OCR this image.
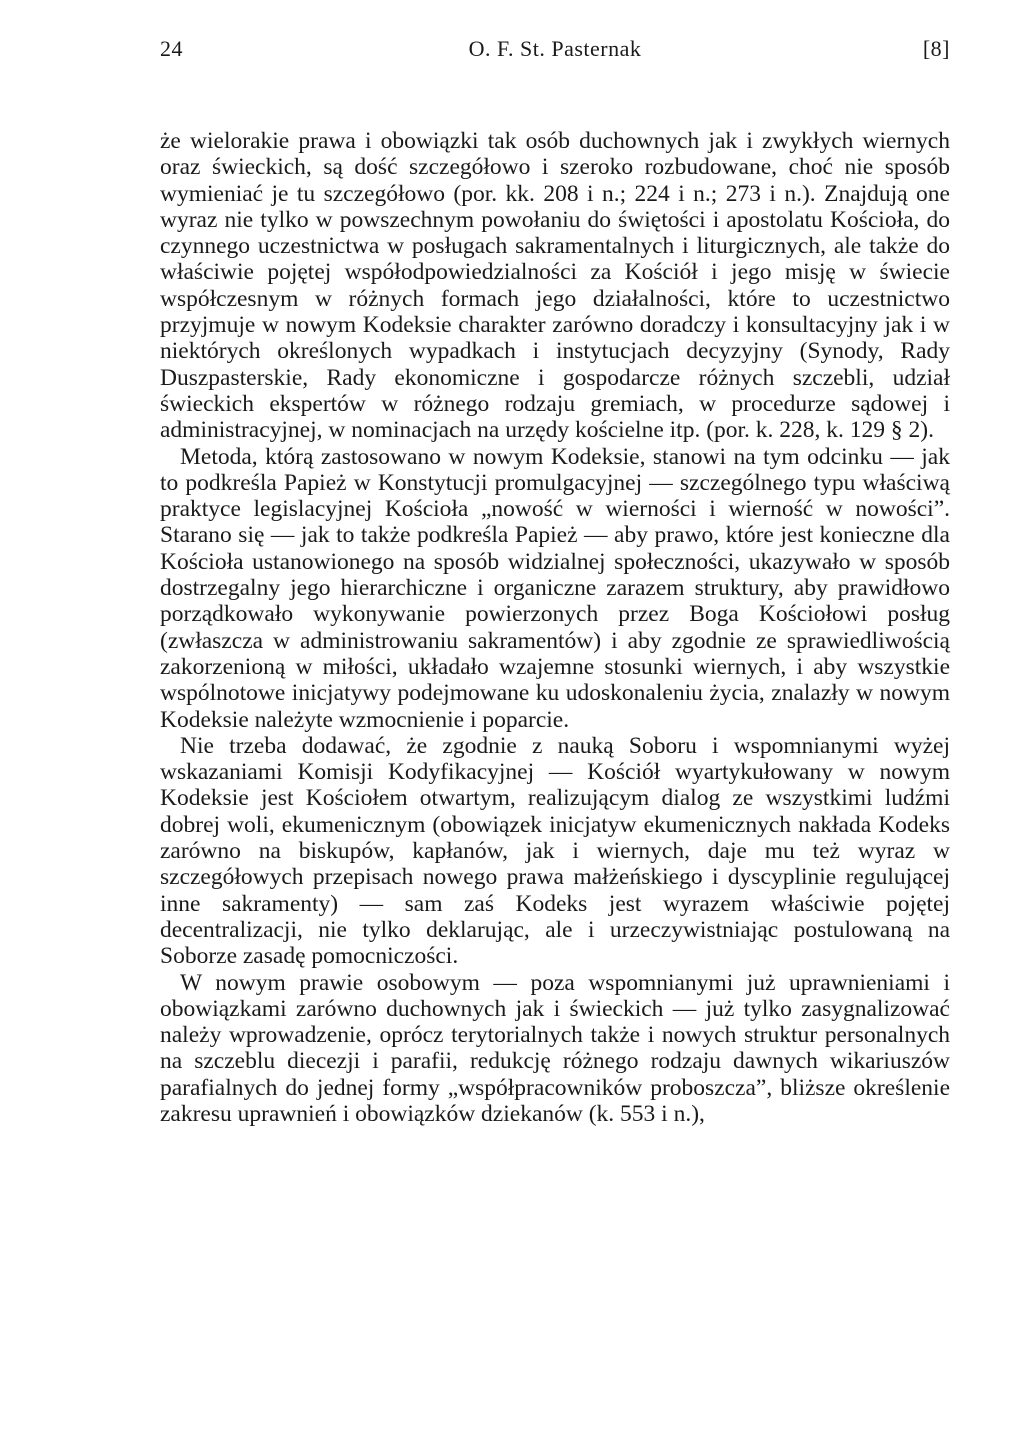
24	O. F. St. Pasternak	[8]

że wielorakie prawa i obowiązki tak osób duchownych jak i zwykłych wiernych oraz świeckich, są dość szczegółowo i szeroko rozbudowane, choć nie sposób wymieniać je tu szczegółowo (por. kk. 208 i n.; 224 i n.; 273 i n.). Znajdują one wyraz nie tylko w powszechnym powołaniu do świętości i apostolatu Kościoła, do czynnego uczestnictwa w posługach sakramentalnych i liturgicznych, ale także do właściwie pojętej współodpowiedzialności za Kościół i jego misję w świecie współczesnym w różnych formach jego działalności, które to uczestnictwo przyjmuje w nowym Kodeksie charakter zarówno doradczy i konsultacyjny jak i w niektórych określonych wypadkach i instytucjach decyzyjny (Synody, Rady Duszpasterskie, Rady ekonomiczne i gospodarcze różnych szczebli, udział świeckich ekspertów w różnego rodzaju gremiach, w procedurze sądowej i administracyjnej, w nominacjach na urzędy kościelne itp. (por. k. 228, k. 129 § 2).

Metoda, którą zastosowano w nowym Kodeksie, stanowi na tym odcinku — jak to podkreśla Papież w Konstytucji promulgacyjnej — szczególnego typu właściwą praktyce legislacyjnej Kościoła „nowość w wierności i wierność w nowości”. Starano się — jak to także podkreśla Papież — aby prawo, które jest konieczne dla Kościoła ustanowionego na sposób widzialnej społeczności, ukazywało w sposób dostrzegalny jego hierarchiczne i organiczne zarazem struktury, aby prawidłowo porządkowało wykonywanie powierzonych przez Boga Kościołowi posług (zwłaszcza w administrowaniu sakramentów) i aby zgodnie ze sprawiedliwością zakorzenioną w miłości, układało wzajemne stosunki wiernych, i aby wszystkie wspólnotowe inicjatywy podejmowane ku udoskonaleniu życia, znalazły w nowym Kodeksie należyte wzmocnienie i poparcie.

Nie trzeba dodawać, że zgodnie z nauką Soboru i wspomnianymi wyżej wskazaniami Komisji Kodyfikacyjnej — Kościół wyartykułowany w nowym Kodeksie jest Kościołem otwartym, realizującym dialog ze wszystkimi ludźmi dobrej woli, ekumenicznym (obowiązek inicjatyw ekumenicznych nakłada Kodeks zarówno na biskupów, kapłanów, jak i wiernych, daje mu też wyraz w szczegółowych przepisach nowego prawa małżeńskiego i dyscyplinie regulującej inne sakramenty) — sam zaś Kodeks jest wyrazem właściwie pojętej decentralizacji, nie tylko deklarując, ale i urzeczywistniając postulowaną na Soborze zasadę pomocniczości.

W nowym prawie osobowym — poza wspomnianymi już uprawnieniami i obowiązkami zarówno duchownych jak i świeckich — już tylko zasygnalizować należy wprowadzenie, oprócz terytorialnych także i nowych struktur personalnych na szczeblu diecezji i parafii, redukcję różnego rodzaju dawnych wikariuszów parafialnych do jednej formy „współpracowników proboszcza”, bliższe określenie zakresu uprawnień i obowiązków dziekanów (k. 553 i n.),
